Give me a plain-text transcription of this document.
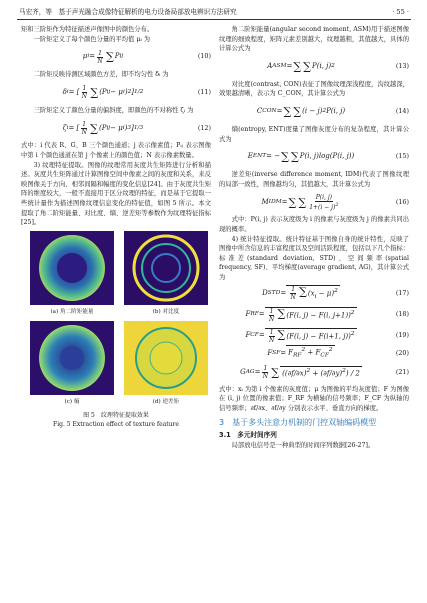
马宏齐，等　基于声光融合成像特征解析的电力设备局部放电辨识方法研究	· 55 ·

矩和三阶矩作为特征描述声像图中的颜色分布。

一阶矩定义了每个颜色分量的平均值 μᵢ 为

μ $i = \frac{1}{N}$ ∑ P ij	(10)

二阶矩反映待测区域颜色方差，即不均匀性 δᵢ 为

δ i = [ $\frac{1}{N}$ ∑ (P ij − μ i ) 2 ] 1/2	(11)

三阶矩定义了颜色分量的偏斜度，即颜色的不对称性 ζᵢ 为

ζ i = [ $\frac{1}{N}$ ∑ (P ij − μ i ) 3 ] 1/3	(12)

式中：i 代表 R、G、B 三个颜色通道；j 表示像素值；Pᵢⱼ 表示图像中第 i 个颜色通道在第 j 个像素上的颜色值；N 表示像素数量。

3) 纹理特征提取。图像的纹理常用灰度共生矩阵进行分析和描述。灰度共生矩阵通过计算图像空间中像素之间的灰度和关系，来反映图像关于方向、相邻间隔和幅度的变化信息[24]。由于灰度共生矩阵的维度较大，一般不直接用于区分纹理的特征，而是基于它提取一些统计量作为描述图像纹理信息变化的特征值，如图 5 所示。本文提取了角二阶矩能量、对比度、熵、逆差矩等参数作为纹理特征指标[25]。

(a) 角二阶矩能量	(b) 对比度
(c) 熵	(d) 逆差矩
图 5　纹理特征提取效果
Fig. 5 Extraction effect of texture feature

角二阶矩能量(angular second moment, ASM)用于描述图像纹理的细致程度，矩阵元素差别越大，纹理越粗，其值越大，具体的计算公式为

A ASM = ∑ ∑ P(i, j) 2	(13)

对比度(contrast, CON)表征了图像纹理深浅程度，沟纹越深，效果越清晰，表示为 C_CON，其计算公式为

C CON = ∑ ∑ (i − j) 2 P(i, j)	(14)

熵(entropy, ENT)度量了图像灰度分布的复杂程度，其计算公式为

E ENT = − ∑ ∑ P(i, j)log(P(i, j))	(15)

逆差矩(inverse difference moment, IDM)代表了图像纹理的局部一致性，图像越均匀，其值越大，其计算公式为

M IDM = ∑ ∑ $\frac{P(i, j)}{1+(i - j)^2}$	(16)

式中：P(i, j) 表示灰度级为 i 的像素与灰度级为 j 的像素共同出现的概率。

4) 统计特征提取。统计特征基于图像自身的统计特性，反映了图像中所含信息的丰富程度以及空间活跃程度，包括以下几个指标：标准差(standard deviation, STD)、空间频率(spatial frequency, SF)、平均梯度(average gradient, AG)，其计算公式为

D STD = $\frac{1}{N} \sum(x_i - \mu)^2$	(17)
F RF = $\frac{1}{N} \sum(F(i$, j) − F(i, j+1))$^2$	(18)
F CF = $\frac{1}{N} \sum(F(i$, j) − F(i+1, j))$^2$	(19)
F SF = $F_{RF}^2 + F_{CF}^2$	(20)
G AG = $\frac{1}{N}$ ∑ $((\partial f/\partial x)^2 + (\partial f/\partial y)^2) / 2$	(21)

式中：xᵢ 为第 i 个像素的灰度值；μ 为图像的平均灰度值；F 为图像在 (i, j) 位置的像素值；F_RF 为横轴的信号频率；F_CF 为纵轴的信号频率；∂f/∂x、∂f/∂y 分别表示水平、垂直方向的梯度。

3　基于多头注意力机制的门控双轴编码模型
3.1　多元时间序列

局部放电信号是一种典型的时间序列数据[26-27]。
